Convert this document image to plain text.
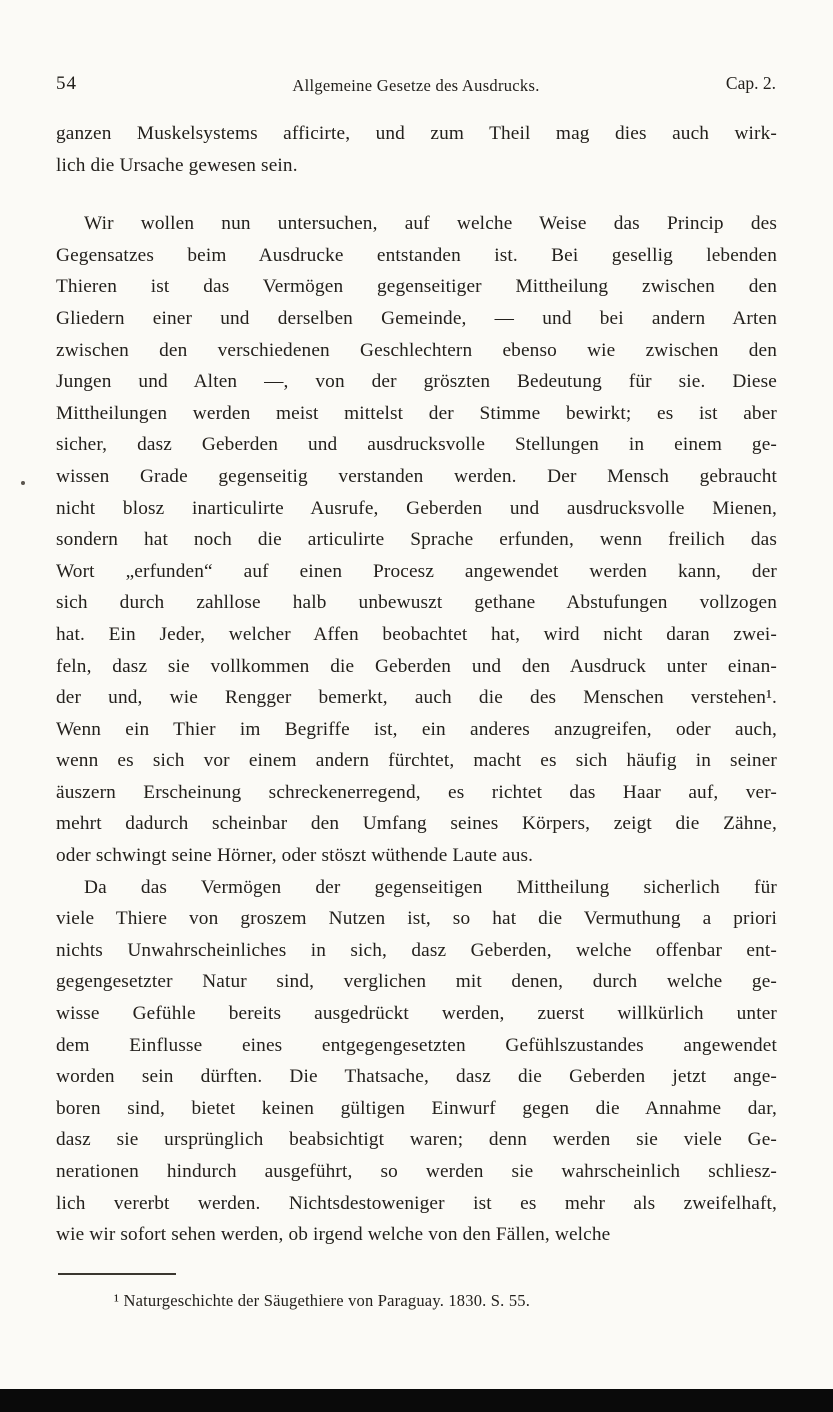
54	Allgemeine Gesetze des Ausdrucks.	Cap. 2.
ganzen Muskelsystems afficirte, und zum Theil mag dies auch wirk-
lich die Ursache gewesen sein.
Wir wollen nun untersuchen, auf welche Weise das Princip des
Gegensatzes beim Ausdrucke entstanden ist. Bei gesellig lebenden
Thieren ist das Vermögen gegenseitiger Mittheilung zwischen den
Gliedern einer und derselben Gemeinde, — und bei andern Arten
zwischen den verschiedenen Geschlechtern ebenso wie zwischen den
Jungen und Alten —, von der gröszten Bedeutung für sie. Diese
Mittheilungen werden meist mittelst der Stimme bewirkt; es ist aber
sicher, dasz Geberden und ausdrucksvolle Stellungen in einem ge-
wissen Grade gegenseitig verstanden werden. Der Mensch gebraucht
nicht blosz inarticulirte Ausrufe, Geberden und ausdrucksvolle Mienen,
sondern hat noch die articulirte Sprache erfunden, wenn freilich das
Wort „erfunden“ auf einen Procesz angewendet werden kann, der
sich durch zahllose halb unbewuszt gethane Abstufungen vollzogen
hat. Ein Jeder, welcher Affen beobachtet hat, wird nicht daran zwei-
feln, dasz sie vollkommen die Geberden und den Ausdruck unter einan-
der und, wie Rengger bemerkt, auch die des Menschen verstehen¹.
Wenn ein Thier im Begriffe ist, ein anderes anzugreifen, oder auch,
wenn es sich vor einem andern fürchtet, macht es sich häufig in seiner
äuszern Erscheinung schreckenerregend, es richtet das Haar auf, ver-
mehrt dadurch scheinbar den Umfang seines Körpers, zeigt die Zähne,
oder schwingt seine Hörner, oder stöszt wüthende Laute aus.
Da das Vermögen der gegenseitigen Mittheilung sicherlich für
viele Thiere von groszem Nutzen ist, so hat die Vermuthung a priori
nichts Unwahrscheinliches in sich, dasz Geberden, welche offenbar ent-
gegengesetzter Natur sind, verglichen mit denen, durch welche ge-
wisse Gefühle bereits ausgedrückt werden, zuerst willkürlich unter
dem Einflusse eines entgegengesetzten Gefühlszustandes angewendet
worden sein dürften. Die Thatsache, dasz die Geberden jetzt ange-
boren sind, bietet keinen gültigen Einwurf gegen die Annahme dar,
dasz sie ursprünglich beabsichtigt waren; denn werden sie viele Ge-
nerationen hindurch ausgeführt, so werden sie wahrscheinlich schliesz-
lich vererbt werden. Nichtsdestoweniger ist es mehr als zweifelhaft,
wie wir sofort sehen werden, ob irgend welche von den Fällen, welche
¹ Naturgeschichte der Säugethiere von Paraguay. 1830. S. 55.
